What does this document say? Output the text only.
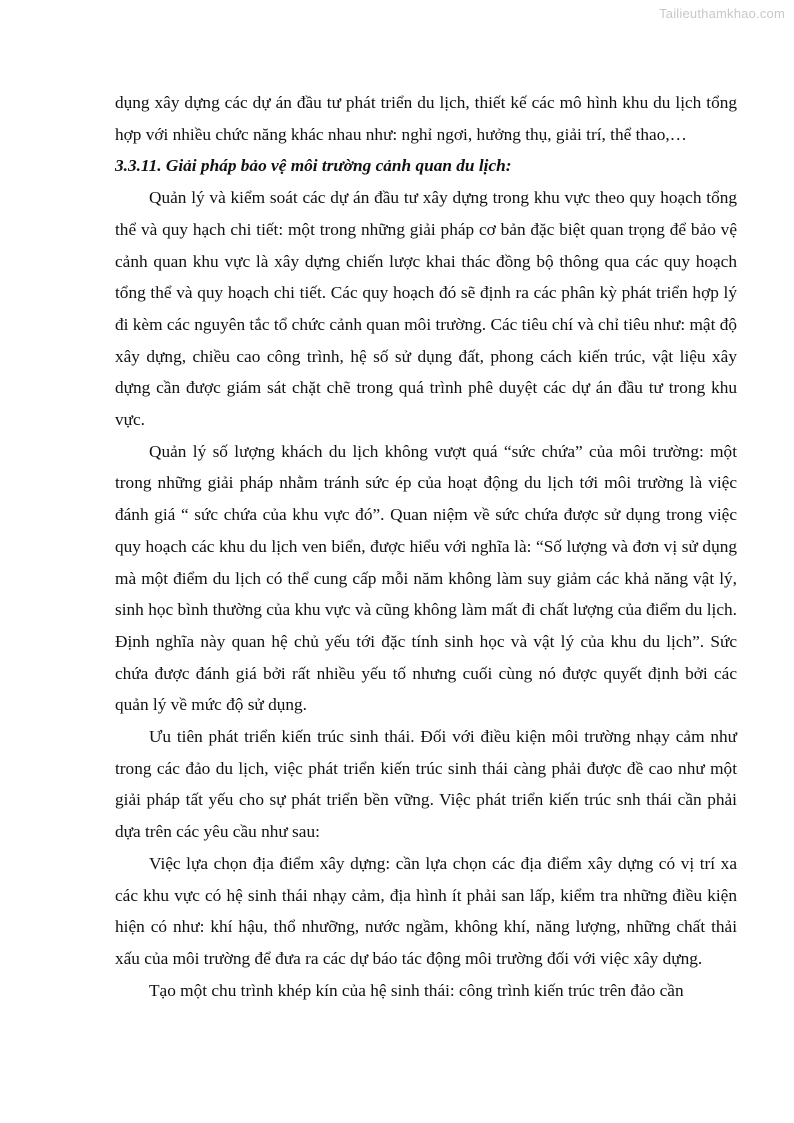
Tailieuthamkhao.com

dụng xây dựng các dự án đầu tư phát triển du lịch, thiết kế các mô hình khu du lịch tổng hợp với nhiều chức năng khác nhau như: nghỉ ngơi, hưởng thụ, giải trí, thể thao,…

3.3.11. Giải pháp bảo vệ môi trường cảnh quan du lịch:

Quản lý và kiểm soát các dự án đầu tư xây dựng trong khu vực theo quy hoạch tổng thể và quy hạch chi tiết: một trong những giải pháp cơ bản đặc biệt quan trọng để bảo vệ cảnh quan khu vực là xây dựng chiến lược khai thác đồng bộ thông qua các quy hoạch tổng thể và quy hoạch chi tiết. Các quy hoạch đó sẽ định ra các phân kỳ phát triển hợp lý đi kèm các nguyên tắc tổ chức cảnh quan môi trường. Các tiêu chí và chỉ tiêu như: mật độ xây dựng, chiều cao công trình, hệ số sử dụng đất, phong cách kiến trúc, vật liệu xây dựng cần được giám sát chặt chẽ trong quá trình phê duyệt các dự án đầu tư trong khu vực.

Quản lý số lượng khách du lịch không vượt quá “sức chứa” của môi trường: một trong những giải pháp nhằm tránh sức ép của hoạt động du lịch tới môi trường là việc đánh giá “ sức chứa của khu vực đó”. Quan niệm về sức chứa được sử dụng trong việc quy hoạch các khu du lịch ven biển, được hiểu với nghĩa là: “Số lượng và đơn vị sử dụng mà một điểm du lịch có thể cung cấp mỗi năm không làm suy giảm các khả năng vật lý, sinh học bình thường của khu vực và cũng không làm mất đi chất lượng của điểm du lịch. Định nghĩa này quan hệ chủ yếu tới đặc tính sinh học và vật lý của khu du lịch”. Sức chứa được đánh giá bởi rất nhiều yếu tố nhưng cuối cùng nó được quyết định bởi các quản lý về mức độ sử dụng.

Ưu tiên phát triển kiến trúc sinh thái. Đối với điều kiện môi trường nhạy cảm như trong các đảo du lịch, việc phát triển kiến trúc sinh thái càng phải được đề cao như một giải pháp tất yếu cho sự phát triển bền vững. Việc phát triển kiến trúc snh thái cần phải dựa trên các yêu cầu như sau:

Việc lựa chọn địa điểm xây dựng: cần lựa chọn các địa điểm xây dựng có vị trí xa các khu vực có hệ sinh thái nhạy cảm, địa hình ít phải san lấp, kiểm tra những điều kiện hiện có như: khí hậu, thổ nhưỡng, nước ngầm, không khí, năng lượng, những chất thải xấu của môi trường để đưa ra các dự báo tác động môi trường đối với việc xây dựng.

Tạo một chu trình khép kín của hệ sinh thái: công trình kiến trúc trên đảo cần
